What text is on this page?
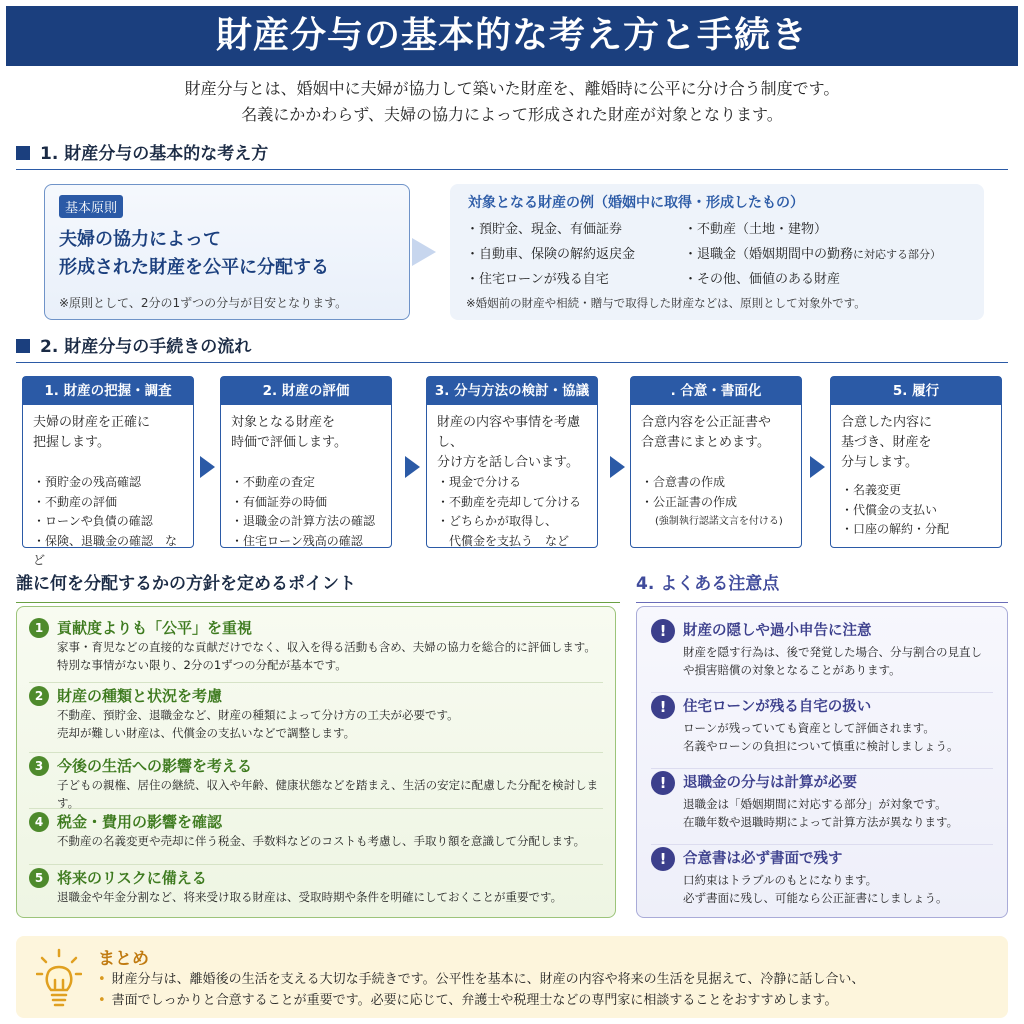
財産分与の基本的な考え方と手続き
財産分与とは、婚姻中に夫婦が協力して築いた財産を、離婚時に公平に分け合う制度です。
名義にかかわらず、夫婦の協力によって形成された財産が対象となります。
1. 財産分与の基本的な考え方
基本原則
夫婦の協力によって
形成された財産を公平に分配する
※原則として、2分の1ずつの分与が目安となります。
対象となる財産の例（婚姻中に取得・形成したもの）
・預貯金、現金、有価証券	・不動産（土地・建物）
・自動車、保険の解約返戻金	・退職金（婚姻期間中の勤務に対応する部分）
・住宅ローンが残る自宅	・その他、価値のある財産
※婚姻前の財産や相続・贈与で取得した財産などは、原則として対象外です。
2. 財産分与の手続きの流れ
1. 財産の把握・調査
夫婦の財産を正確に
把握します。
・預貯金の残高確認
・不動産の評価
・ローンや負債の確認
・保険、退職金の確認　など
2. 財産の評価
対象となる財産を
時価で評価します。
・不動産の査定
・有価証券の時価
・退職金の計算方法の確認
・住宅ローン残高の確認
3. 分与方法の検討・協議
財産の内容や事情を考慮し、
分け方を話し合います。
・現金で分ける
・不動産を売却して分ける
・どちらかが取得し、
　代償金を支払う　など
. 合意・書面化
合意内容を公正証書や
合意書にまとめます。
・合意書の作成
・公正証書の作成
(強制執行認諾文言を付ける)
5. 履行
合意した内容に
基づき、財産を
分与します。
・名義変更
・代償金の支払い
・口座の解約・分配
誰に何を分配するかの方針を定めるポイント
1 貢献度よりも「公平」を重視
家事・育児などの直接的な貢献だけでなく、収入を得る活動も含め、夫婦の協力を総合的に評価します。
特別な事情がない限り、2分の1ずつの分配が基本です。
2 財産の種類と状況を考慮
不動産、預貯金、退職金など、財産の種類によって分け方の工夫が必要です。
売却が難しい財産は、代償金の支払いなどで調整します。
3 今後の生活への影響を考える
子どもの親権、居住の継続、収入や年齢、健康状態などを踏まえ、生活の安定に配慮した分配を検討します。
4 税金・費用の影響を確認
不動産の名義変更や売却に伴う税金、手数料などのコストも考慮し、手取り額を意識して分配します。
5 将来のリスクに備える
退職金や年金分割など、将来受け取る財産は、受取時期や条件を明確にしておくことが重要です。
4. よくある注意点
! 財産の隠しや過小申告に注意
財産を隠す行為は、後で発覚した場合、分与割合の見直し
や損害賠償の対象となることがあります。
! 住宅ローンが残る自宅の扱い
ローンが残っていても資産として評価されます。
名義やローンの負担について慎重に検討しましょう。
! 退職金の分与は計算が必要
退職金は「婚姻期間に対応する部分」が対象です。
在職年数や退職時期によって計算方法が異なります。
! 合意書は必ず書面で残す
口約束はトラブルのもとになります。
必ず書面に残し、可能なら公正証書にしましょう。
まとめ
• 財産分与は、離婚後の生活を支える大切な手続きです。公平性を基本に、財産の内容や将来の生活を見据えて、冷静に話し合い、
• 書面でしっかりと合意することが重要です。必要に応じて、弁護士や税理士などの専門家に相談することをおすすめします。
